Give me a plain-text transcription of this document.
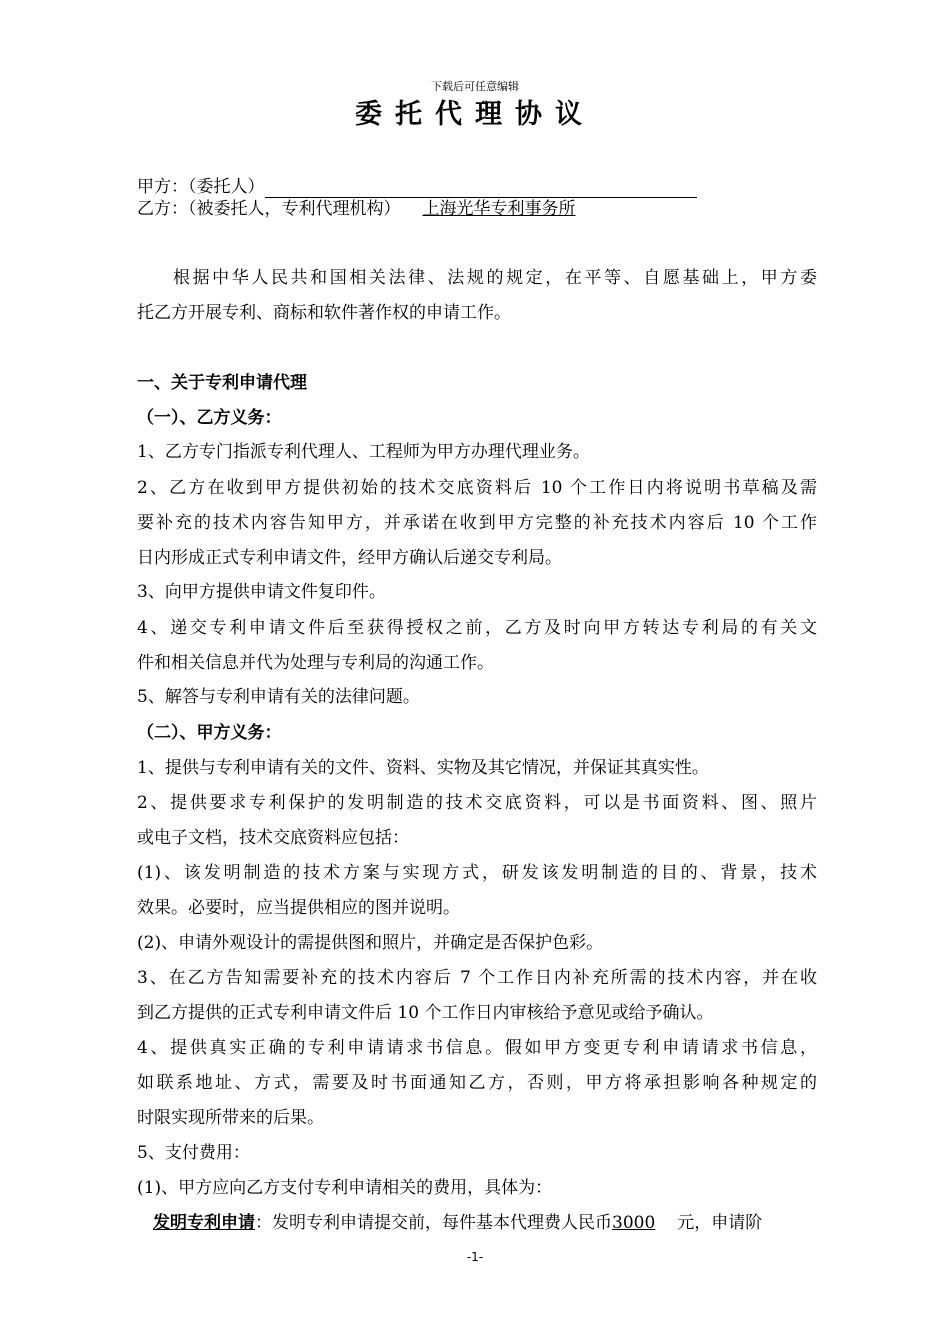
下载后可任意编辑
委托代理协议
甲方：（委托人）
乙方：（被委托人，专利代理机构） 上海光华专利事务所
根据中华人民共和国相关法律、法规的规定，在平等、自愿基础上，甲方委
托乙方开展专利、商标和软件著作权的申请工作。
一、关于专利申请代理
（一）、乙方义务：
1、乙方专门指派专利代理人、工程师为甲方办理代理业务。
2、乙方在收到甲方提供初始的技术交底资料后 10 个工作日内将说明书草稿及需
要补充的技术内容告知甲方，并承诺在收到甲方完整的补充技术内容后 10 个工作
日内形成正式专利申请文件，经甲方确认后递交专利局。
3、向甲方提供申请文件复印件。
4、递交专利申请文件后至获得授权之前，乙方及时向甲方转达专利局的有关文
件和相关信息并代为处理与专利局的沟通工作。
5、解答与专利申请有关的法律问题。
（二）、甲方义务：
1、提供与专利申请有关的文件、资料、实物及其它情况，并保证其真实性。
2、提供要求专利保护的发明制造的技术交底资料，可以是书面资料、图、照片
或电子文档，技术交底资料应包括：
(1)、该发明制造的技术方案与实现方式，研发该发明制造的目的、背景，技术
效果。必要时，应当提供相应的图并说明。
(2)、申请外观设计的需提供图和照片，并确定是否保护色彩。
3、在乙方告知需要补充的技术内容后 7 个工作日内补充所需的技术内容，并在收
到乙方提供的正式专利申请文件后 10 个工作日内审核给予意见或给予确认。
4、提供真实正确的专利申请请求书信息。假如甲方变更专利申请请求书信息，
如联系地址、方式，需要及时书面通知乙方，否则，甲方将承担影响各种规定的
时限实现所带来的后果。
5、支付费用：
(1)、甲方应向乙方支付专利申请相关的费用，具体为：
发明专利申请：发明专利申请提交前，每件基本代理费人民币3000 元，申请阶
-1-
